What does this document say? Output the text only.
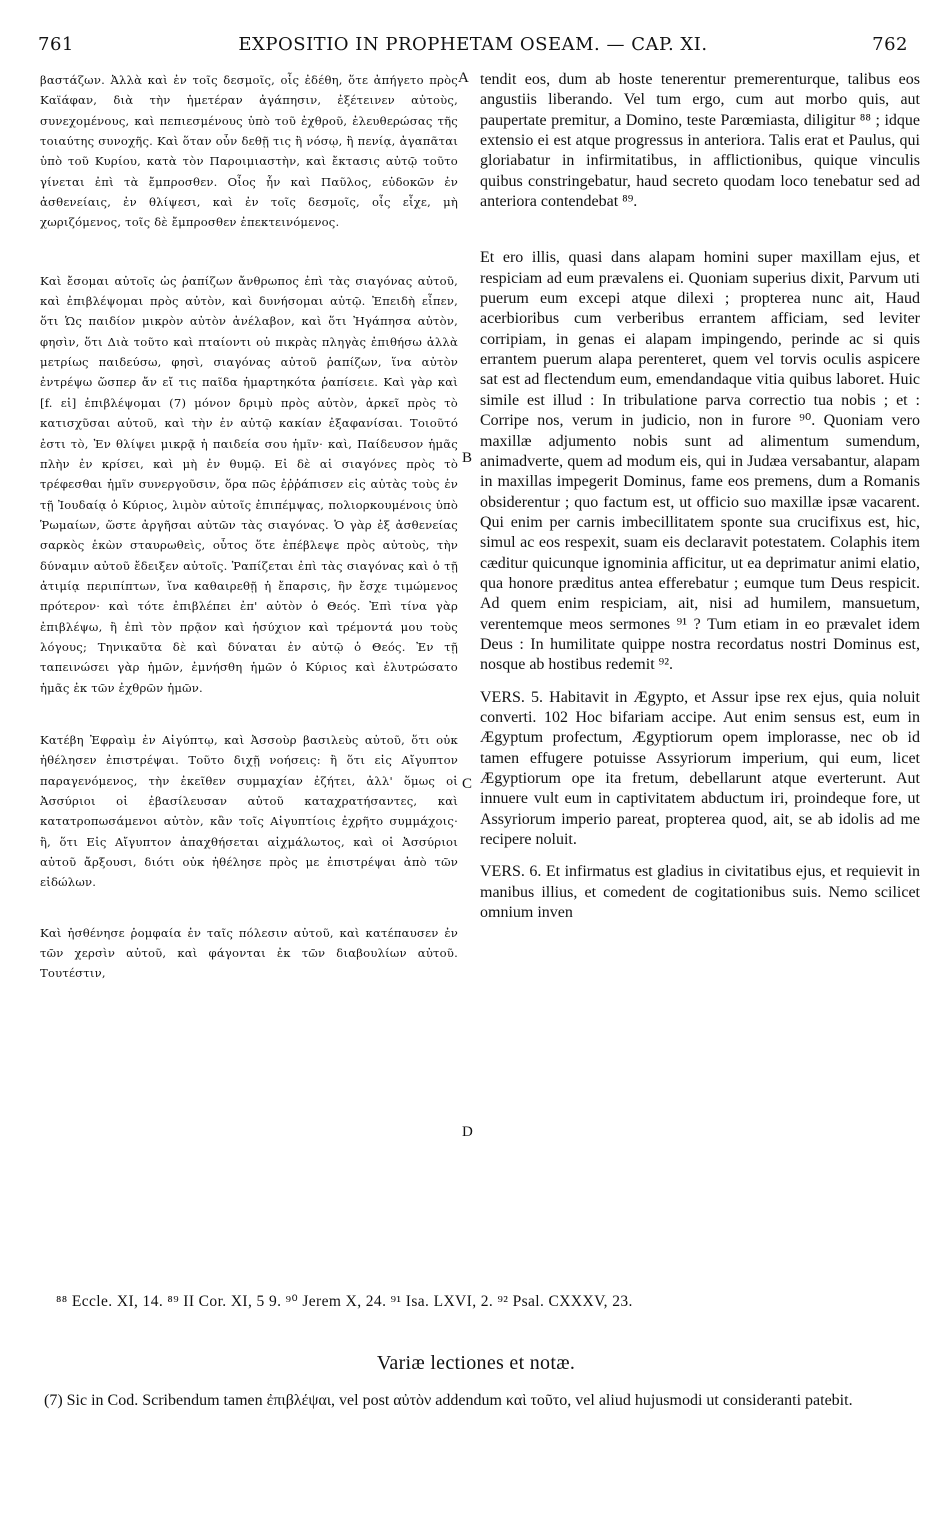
761	EXPOSITIO IN PROPHETAM OSEAM. — CAP. XI.	762

βαστάζων. Ἀλλὰ καὶ ἐν τοῖς δεσμοῖς, οἷς ἐδέθη, ὅτε ἀπήγετο πρὸς Καϊάφαν, διὰ τὴν ἡμετέραν ἀγάπησιν, ἐξέτεινεν αὐτοὺς, συνεχομένους, καὶ πεπιεσμένους ὑπὸ τοῦ ἐχθροῦ, ἐλευθερώσας τῆς τοιαύτης συνοχῆς. Καὶ ὅταν οὖν δεθῇ τις ἢ νόσῳ, ἢ πενίᾳ, ἀγαπᾶται ὑπὸ τοῦ Κυρίου, κατὰ τὸν Παροιμιαστὴν, καὶ ἔκτασις αὐτῷ τοῦτο γίνεται ἐπὶ τὰ ἔμπροσθεν. Οἷος ἦν καὶ Παῦλος, εὐδοκῶν ἐν ἀσθενείαις, ἐν θλίψεσι, καὶ ἐν τοῖς δεσμοῖς, οἷς εἶχε, μὴ χωριζόμενος, τοῖς δὲ ἔμπροσθεν ἐπεκτεινόμενος.

Καὶ ἔσομαι αὐτοῖς ὡς ῥαπίζων ἄνθρωπος ἐπὶ τὰς σιαγόνας αὐτοῦ, καὶ ἐπιβλέψομαι πρὸς αὐτὸν, καὶ δυνήσομαι αὐτῷ. Ἐπειδὴ εἶπεν, ὅτι Ὡς παιδίον μικρὸν αὐτὸν ἀνέλαβον, καὶ ὅτι Ἠγάπησα αὐτὸν, φησὶν, ὅτι Διὰ τοῦτο καὶ πταίοντι οὐ πικρὰς πληγὰς ἐπιθήσω ἀλλὰ μετρίως παιδεύσω, φησὶ, σιαγόνας αὐτοῦ ῥαπίζων, ἵνα αὐτὸν ἐντρέψω ὥσπερ ἄν εἴ τις παῖδα ἡμαρτηκότα ῥαπίσειε. Καὶ γὰρ καὶ [f. εἰ] ἐπιβλέψομαι (7) μόνον δριμὺ πρὸς αὐτὸν, ἀρκεῖ πρὸς τὸ κατισχῦσαι αὐτοῦ, καὶ τὴν ἐν αὐτῷ κακίαν ἐξαφανίσαι. Τοιοῦτό ἐστι τὸ, Ἐν θλίψει μικρᾷ ἡ παιδεία σου ἡμῖν· καὶ, Παίδευσον ἡμᾶς πλὴν ἐν κρίσει, καὶ μὴ ἐν θυμῷ. Εἰ δὲ αἱ σιαγόνες πρὸς τὸ τρέφεσθαι ἡμῖν συνεργοῦσιν, ὅρα πῶς ἐῤῥάπισεν εἰς αὐτὰς τοὺς ἐν τῇ Ἰουδαίᾳ ὁ Κύριος, λιμὸν αὐτοῖς ἐπιπέμψας, πολιορκουμένοις ὑπὸ Ῥωμαίων, ὥστε ἀργῆσαι αὐτῶν τὰς σιαγόνας. Ὁ γὰρ ἐξ ἀσθενείας σαρκὸς ἑκὼν σταυρωθεὶς, οὗτος ὅτε ἐπέβλεψε πρὸς αὐτοὺς, τὴν δύναμιν αὐτοῦ ἔδειξεν αὐτοῖς. Ῥαπίζεται ἐπὶ τὰς σιαγόνας καὶ ὁ τῇ ἀτιμίᾳ περιπίπτων, ἵνα καθαιρεθῇ ἡ ἔπαρσις, ἣν ἔσχε τιμώμενος πρότερον· καὶ τότε ἐπιβλέπει ἐπ' αὐτὸν ὁ Θεός. Ἐπὶ τίνα γὰρ ἐπιβλέψω, ἢ ἐπὶ τὸν πρᾷον καὶ ἡσύχιον καὶ τρέμοντά μου τοὺς λόγους; Τηνικαῦτα δὲ καὶ δύναται ἐν αὐτῷ ὁ Θεός. Ἐν τῇ ταπεινώσει γὰρ ἡμῶν, ἐμνήσθη ἡμῶν ὁ Κύριος καὶ ἐλυτρώσατο ἡμᾶς ἐκ τῶν ἐχθρῶν ἡμῶν.

Κατέβη Ἐφραὶμ ἐν Αἰγύπτῳ, καὶ Ἀσσοὺρ βασιλεὺς αὐτοῦ, ὅτι οὐκ ἠθέλησεν ἐπιστρέψαι. Τοῦτο διχῇ νοήσεις: ἢ ὅτι εἰς Αἴγυπτον παραγενόμενος, τὴν ἐκεῖθεν συμμαχίαν ἐζήτει, ἀλλ' ὅμως οἱ Ἀσσύριοι οἱ ἐβασίλευσαν αὐτοῦ καταχρατήσαντες, καὶ κατατροπωσάμενοι αὐτὸν, κἂν τοῖς Αἰγυπτίοις ἐχρῆτο συμμάχοις· ἢ, ὅτι Εἰς Αἴγυπτον ἀπαχθήσεται αἰχμάλωτος, καὶ οἱ Ἀσσύριοι αὐτοῦ ἄρξουσι, διότι οὐκ ἠθέλησε πρὸς με ἐπιστρέψαι ἀπὸ τῶν εἰδώλων.

Καὶ ἠσθένησε ῥομφαία ἐν ταῖς πόλεσιν αὐτοῦ, καὶ κατέπαυσεν ἐν τῶν χερσὶν αὐτοῦ, καὶ φάγονται ἐκ τῶν διαβουλίων αὐτοῦ. Τουτέστιν,

A
B
C
D

tendit eos, dum ab hoste tenerentur premerenturque, talibus eos angustiis liberando. Vel tum ergo, cum aut morbo quis, aut paupertate premitur, a Domino, teste Parœmiasta, diligitur ⁸⁸ ; idque extensio ei est atque progressus in anteriora. Talis erat et Paulus, qui gloriabatur in infirmitatibus, in afflictionibus, quique vinculis quibus constringebatur, haud secreto quodam loco tenebatur sed ad anteriora contendebat ⁸⁹.

Et ero illis, quasi dans alapam homini super maxillam ejus, et respiciam ad eum prævalens ei. Quoniam superius dixit, Parvum uti puerum eum excepi atque dilexi ; propterea nunc ait, Haud acerbioribus cum verberibus errantem afficiam, sed leviter corripiam, in genas ei alapam impingendo, perinde ac si quis errantem puerum alapa perenteret, quem vel torvis oculis aspicere sat est ad flectendum eum, emendandaque vitia quibus laboret. Huic simile est illud : In tribulatione parva correctio tua nobis ; et : Corripe nos, verum in judicio, non in furore ⁹⁰. Quoniam vero maxillæ adjumento nobis sunt ad alimentum sumendum, animadverte, quem ad modum eis, qui in Judæa versabantur, alapam in maxillas impegerit Dominus, fame eos premens, dum a Romanis obsiderentur ; quo factum est, ut officio suo maxillæ ipsæ vacarent. Qui enim per carnis imbecillitatem sponte sua crucifixus est, hic, simul ac eos respexit, suam eis declaravit potestatem. Colaphis item cæditur quicunque ignominia afficitur, ut ea deprimatur animi elatio, qua honore præditus antea efferebatur ; eumque tum Deus respicit. Ad quem enim respiciam, ait, nisi ad humilem, mansuetum, verentemque meos sermones ⁹¹ ? Tum etiam in eo prævalet idem Deus : In humilitate quippe nostra recordatus nostri Dominus est, nosque ab hostibus redemit ⁹².

VERS. 5. Habitavit in Ægypto, et Assur ipse rex ejus, quia noluit converti. 102 Hoc bifariam accipe. Aut enim sensus est, eum in Ægyptum profectum, Ægyptiorum opem implorasse, nec ob id tamen effugere potuisse Assyriorum imperium, qui eum, licet Ægyptiorum ope ita fretum, debellarunt atque everterunt. Aut innuere vult eum in captivitatem abductum iri, proindeque fore, ut Assyriorum imperio pareat, propterea quod, ait, se ab idolis ad me recipere noluit.

VERS. 6. Et infirmatus est gladius in civitatibus ejus, et requievit in manibus illius, et comedent de cogitationibus suis. Nemo scilicet omnium inven

⁸⁸ Eccle. XI, 14. ⁸⁹ II Cor. XI, 5 9. ⁹⁰ Jerem X, 24. ⁹¹ Isa. LXVI, 2. ⁹² Psal. CXXXV, 23.
Variæ lectiones et notæ.
(7) Sic in Cod. Scribendum tamen ἐπιβλέψαι, vel post αὐτὸν addendum καὶ τοῦτο, vel aliud hujusmodi ut consideranti patebit.
